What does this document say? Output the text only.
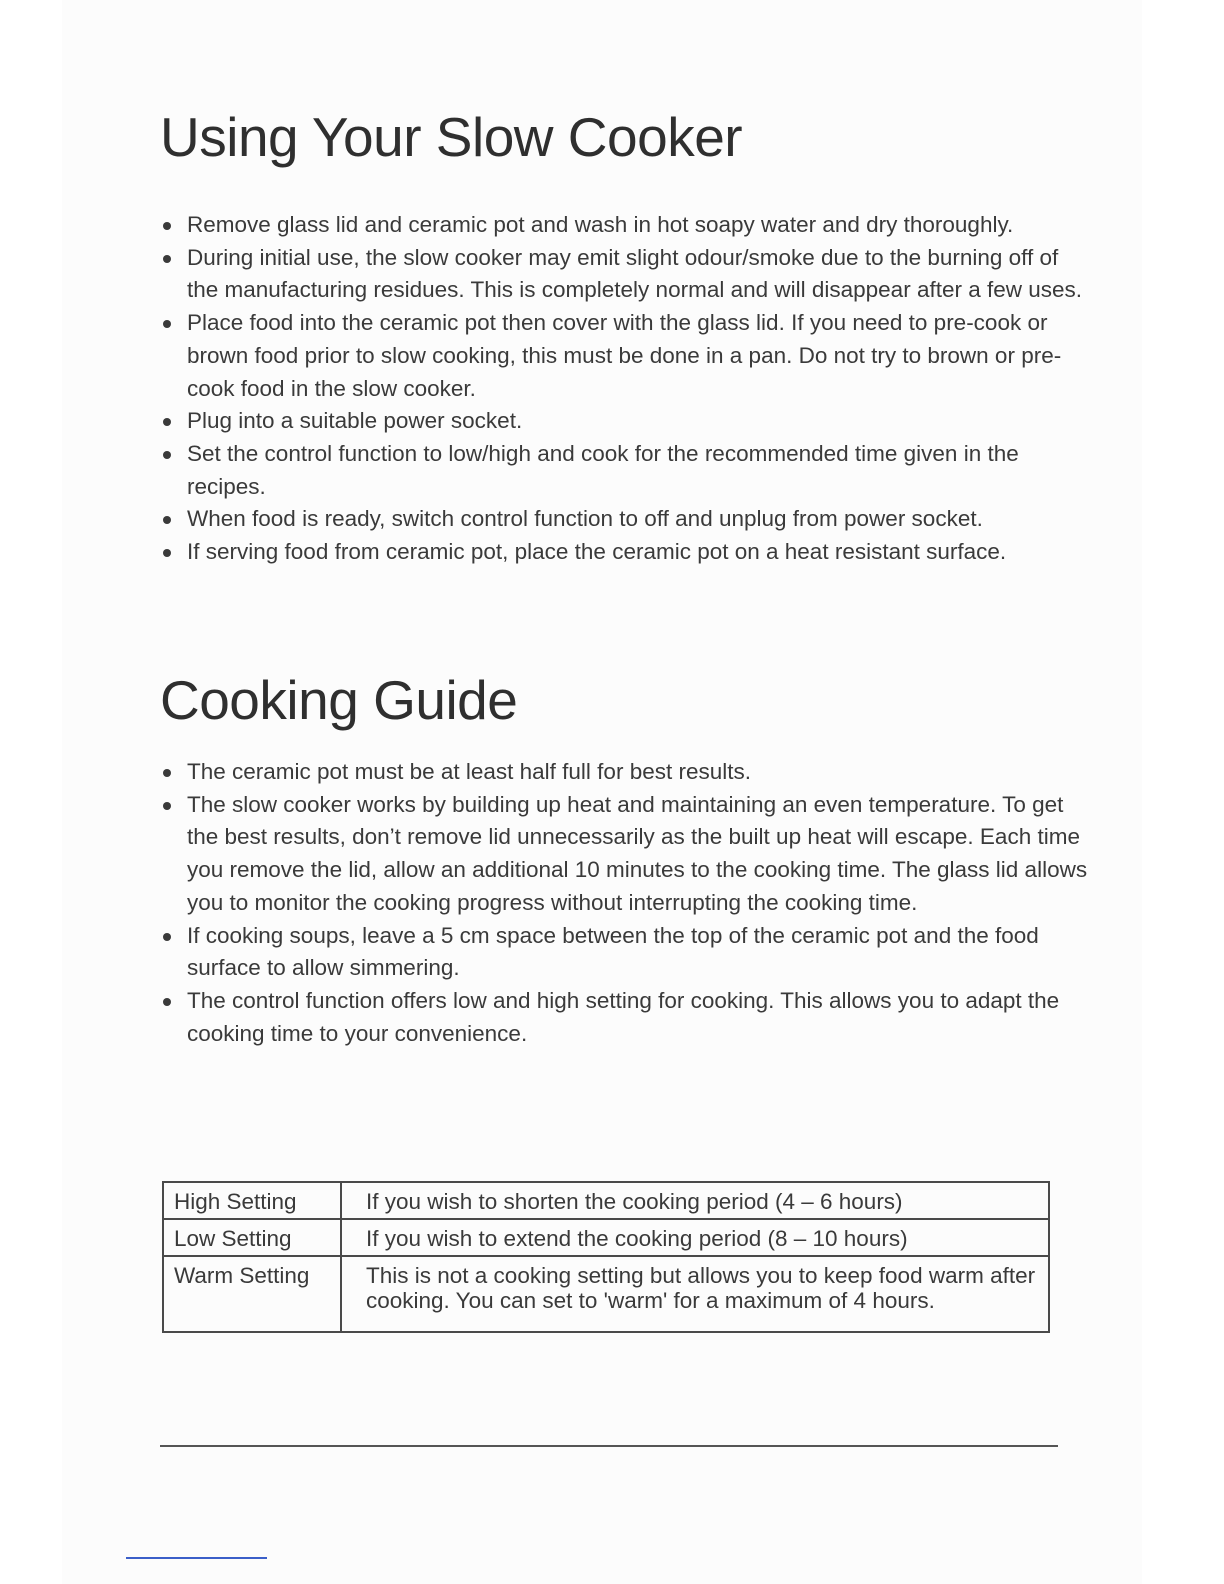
Using Your Slow Cooker
Remove glass lid and ceramic pot and wash in hot soapy water and dry thoroughly.
During initial use, the slow cooker may emit slight odour/smoke due to the burning off of the manufacturing residues. This is completely normal and will disappear after a few uses.
Place food into the ceramic pot then cover with the glass lid. If you need to pre-cook or brown food prior to slow cooking, this must be done in a pan. Do not try to brown or pre-cook food in the slow cooker.
Plug into a suitable power socket.
Set the control function to low/high and cook for the recommended time given in the recipes.
When food is ready, switch control function to off and unplug from power socket.
If serving food from ceramic pot, place the ceramic pot on a heat resistant surface.
Cooking Guide
The ceramic pot must be at least half full for best results.
The slow cooker works by building up heat and maintaining an even temperature. To get the best results, don’t remove lid unnecessarily as the built up heat will escape. Each time you remove the lid, allow an additional 10 minutes to the cooking time. The glass lid allows you to monitor the cooking progress without interrupting the cooking time.
If cooking soups, leave a 5 cm space between the top of the ceramic pot and the food surface to allow simmering.
The control function offers low and high setting for cooking. This allows you to adapt the cooking time to your convenience.
High Setting	If you wish to shorten the cooking period (4 – 6 hours)
Low Setting	If you wish to extend the cooking period (8 – 10 hours)
Warm Setting	This is not a cooking setting but allows you to keep food warm after cooking. You can set to 'warm' for a maximum of 4 hours.
